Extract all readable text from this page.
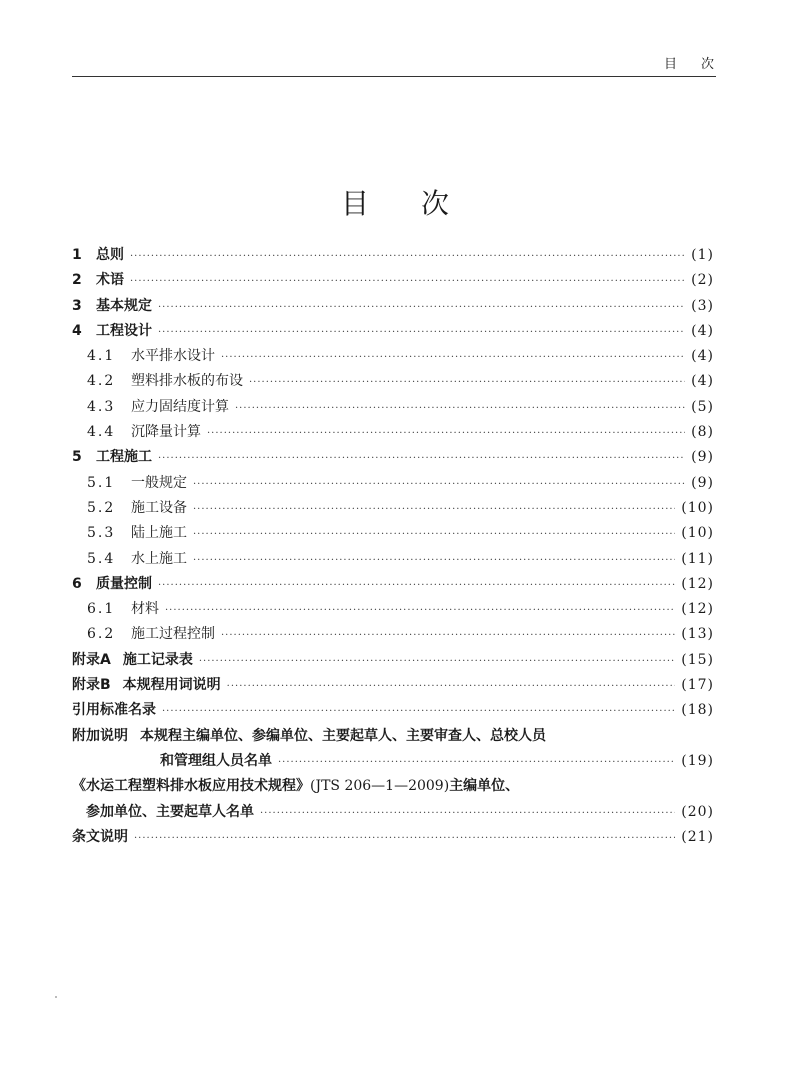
目次
目次
1	总则 ·····	(1)
2	术语 ·····	(2)
3	基本规定 ·····	(3)
4	工程设计 ·····	(4)
4.1	水平排水设计 ·····	(4)
4.2	塑料排水板的布设 ·····	(4)
4.3	应力固结度计算 ·····	(5)
4.4	沉降量计算 ·····	(8)
5	工程施工 ·····	(9)
5.1	一般规定 ·····	(9)
5.2	施工设备 ·····	(10)
5.3	陆上施工 ·····	(10)
5.4	水上施工 ·····	(11)
6	质量控制 ·····	(12)
6.1	材料 ·····	(12)
6.2	施工过程控制 ·····	(13)
附录A 施工记录表 ·····	(15)
附录B 本规程用词说明 ·····	(17)
引用标准名录 ·····	(18)
附加说明 本规程主编单位、参编单位、主要起草人、主要审查人、总校人员
和管理组人员名单 ·····	(19)
《水运工程塑料排水板应用技术规程》 (JTS 206—1—2009) 主编单位、
参加单位、主要起草人名单 ·····	(20)
条文说明 ·····	(21)
